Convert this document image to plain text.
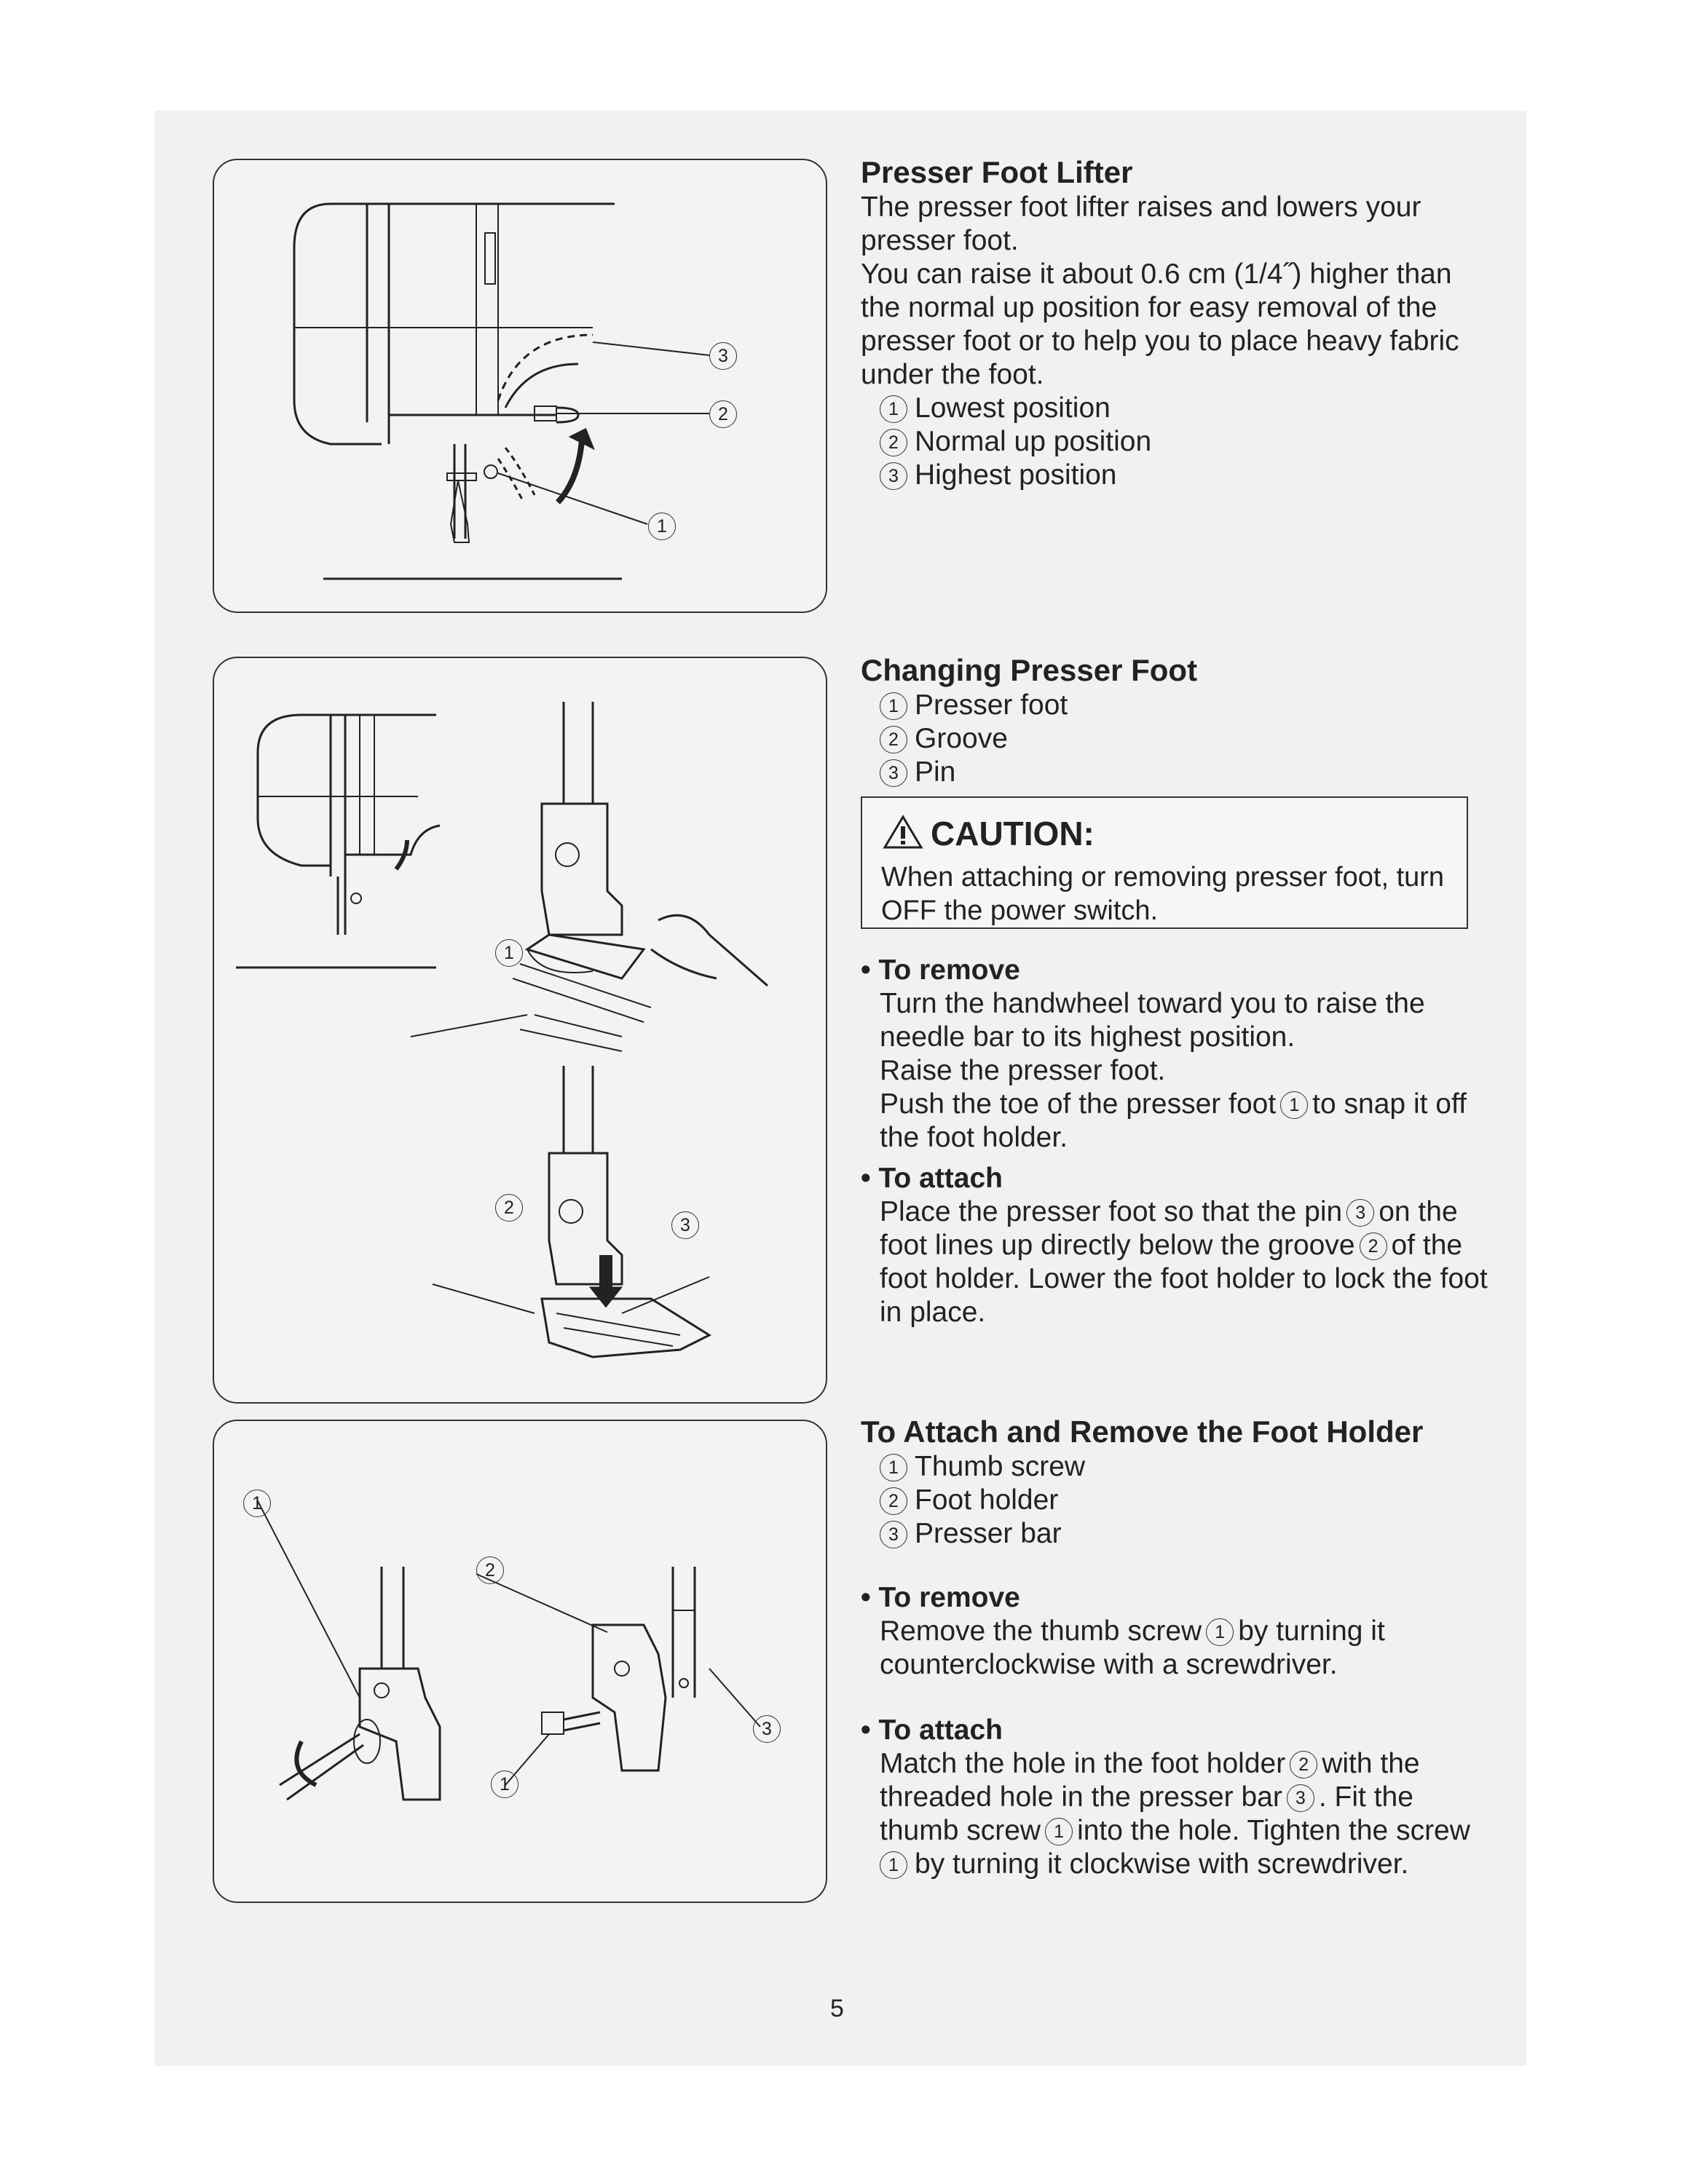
3
2
1
1
2
3
1
2
3
1

Presser Foot Lifter

The presser foot lifter raises and lowers your

presser foot.

You can raise it about 0.6 cm (1/4˝) higher than

the normal up position for easy removal of the

presser foot or to help you to place heavy fabric

under the foot.

1 Lowest position

2 Normal up position

3 Highest position

Changing Presser Foot

1 Presser foot

2 Groove

3 Pin

CAUTION:

When attaching or removing presser foot, turn

OFF the power switch.

• To remove

Turn the handwheel toward you to raise the

needle bar to its highest position.

Raise the presser foot.

Push the toe of the presser foot 1 to snap it off

the foot holder.

• To attach

Place the presser foot so that the pin 3 on the

foot lines up directly below the groove 2 of the

foot holder. Lower the foot holder to lock the foot

in place.

To Attach and Remove the Foot Holder

1 Thumb screw

2 Foot holder

3 Presser bar

• To remove

Remove the thumb screw 1 by turning it

counterclockwise with a screwdriver.

• To attach

Match the hole in the foot holder 2 with the

threaded hole in the presser bar 3 . Fit the

thumb screw 1 into the hole. Tighten the screw

1 by turning it clockwise with screwdriver.

5
